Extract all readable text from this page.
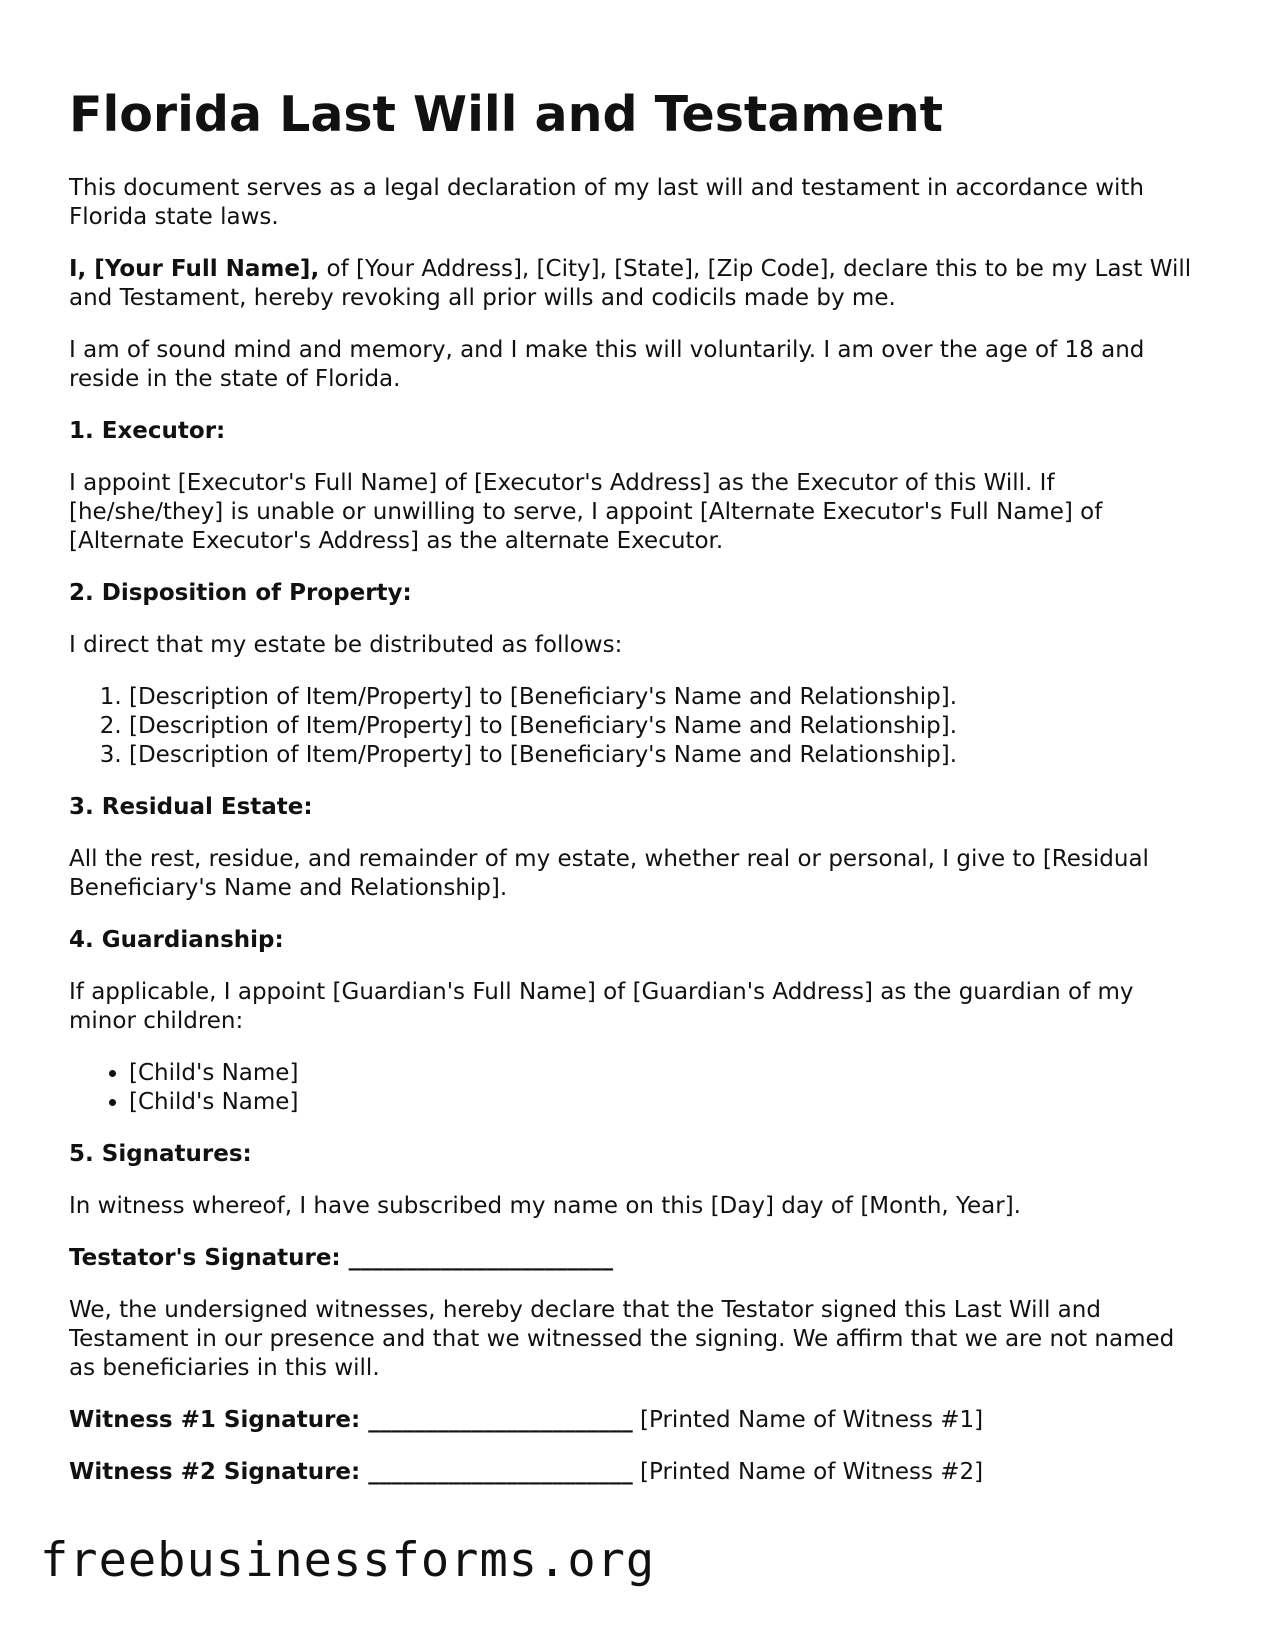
Florida Last Will and Testament

This document serves as a legal declaration of my last will and testament in accordance with Florida state laws.

I, [Your Full Name], of [Your Address], [City], [State], [Zip Code], declare this to be my Last Will and Testament, hereby revoking all prior wills and codicils made by me.

I am of sound mind and memory, and I make this will voluntarily. I am over the age of 18 and reside in the state of Florida.

1. Executor:

I appoint [Executor's Full Name] of [Executor's Address] as the Executor of this Will. If [he/she/they] is unable or unwilling to serve, I appoint [Alternate Executor's Full Name] of [Alternate Executor's Address] as the alternate Executor.

2. Disposition of Property:

I direct that my estate be distributed as follows:

1. [Description of Item/Property] to [Beneficiary's Name and Relationship].
2. [Description of Item/Property] to [Beneficiary's Name and Relationship].
3. [Description of Item/Property] to [Beneficiary's Name and Relationship].

3. Residual Estate:

All the rest, residue, and remainder of my estate, whether real or personal, I give to [Residual Beneficiary's Name and Relationship].

4. Guardianship:

If applicable, I appoint [Guardian's Full Name] of [Guardian's Address] as the guardian of my minor children:

• [Child's Name]
• [Child's Name]

5. Signatures:

In witness whereof, I have subscribed my name on this [Day] day of [Month, Year].

Testator's Signature: _______________________

We, the undersigned witnesses, hereby declare that the Testator signed this Last Will and Testament in our presence and that we witnessed the signing. We affirm that we are not named as beneficiaries in this will.

Witness #1 Signature: _______________________ [Printed Name of Witness #1]

Witness #2 Signature: _______________________ [Printed Name of Witness #2]

freebusinessforms.org
